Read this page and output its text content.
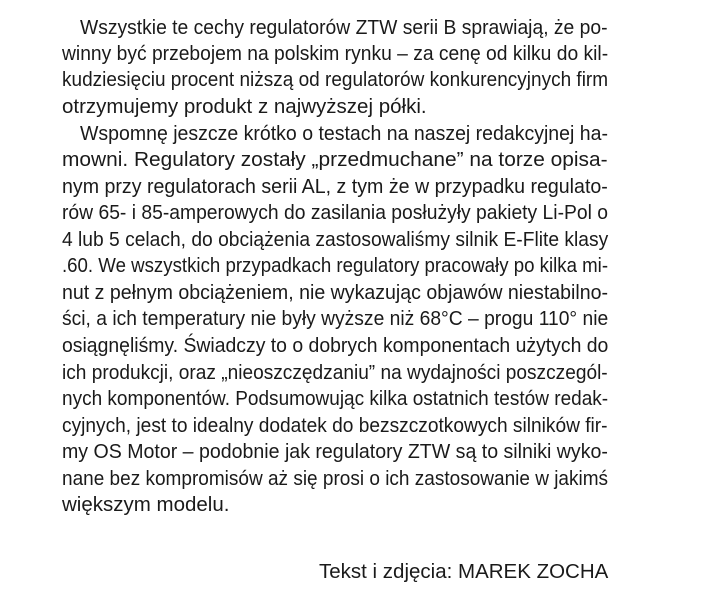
Wszystkie te cechy regulatorów ZTW serii B sprawiają, że po-
winny być przebojem na polskim rynku – za cenę od kilku do kil-
kudziesięciu procent niższą od regulatorów konkurencyjnych firm
otrzymujemy produkt z najwyższej półki.
Wspomnę jeszcze krótko o testach na naszej redakcyjnej ha-
mowni. Regulatory zostały „przedmuchane” na torze opisa-
nym przy regulatorach serii AL, z tym że w przypadku regulato-
rów 65- i 85-amperowych do zasilania posłużyły pakiety Li-Pol o
4 lub 5 celach, do obciążenia zastosowaliśmy silnik E-Flite klasy
.60. We wszystkich przypadkach regulatory pracowały po kilka mi-
nut z pełnym obciążeniem, nie wykazując objawów niestabilno-
ści, a ich temperatury nie były wyższe niż 68°C – progu 110° nie
osiągnęliśmy. Świadczy to o dobrych komponentach użytych do
ich produkcji, oraz „nieoszczędzaniu” na wydajności poszczegól-
nych komponentów. Podsumowując kilka ostatnich testów redak-
cyjnych, jest to idealny dodatek do bezszczotkowych silników fir-
my OS Motor – podobnie jak regulatory ZTW są to silniki wyko-
nane bez kompromisów aż się prosi o ich zastosowanie w jakimś
większym modelu.
Tekst i zdjęcia: MAREK ZOCHA
